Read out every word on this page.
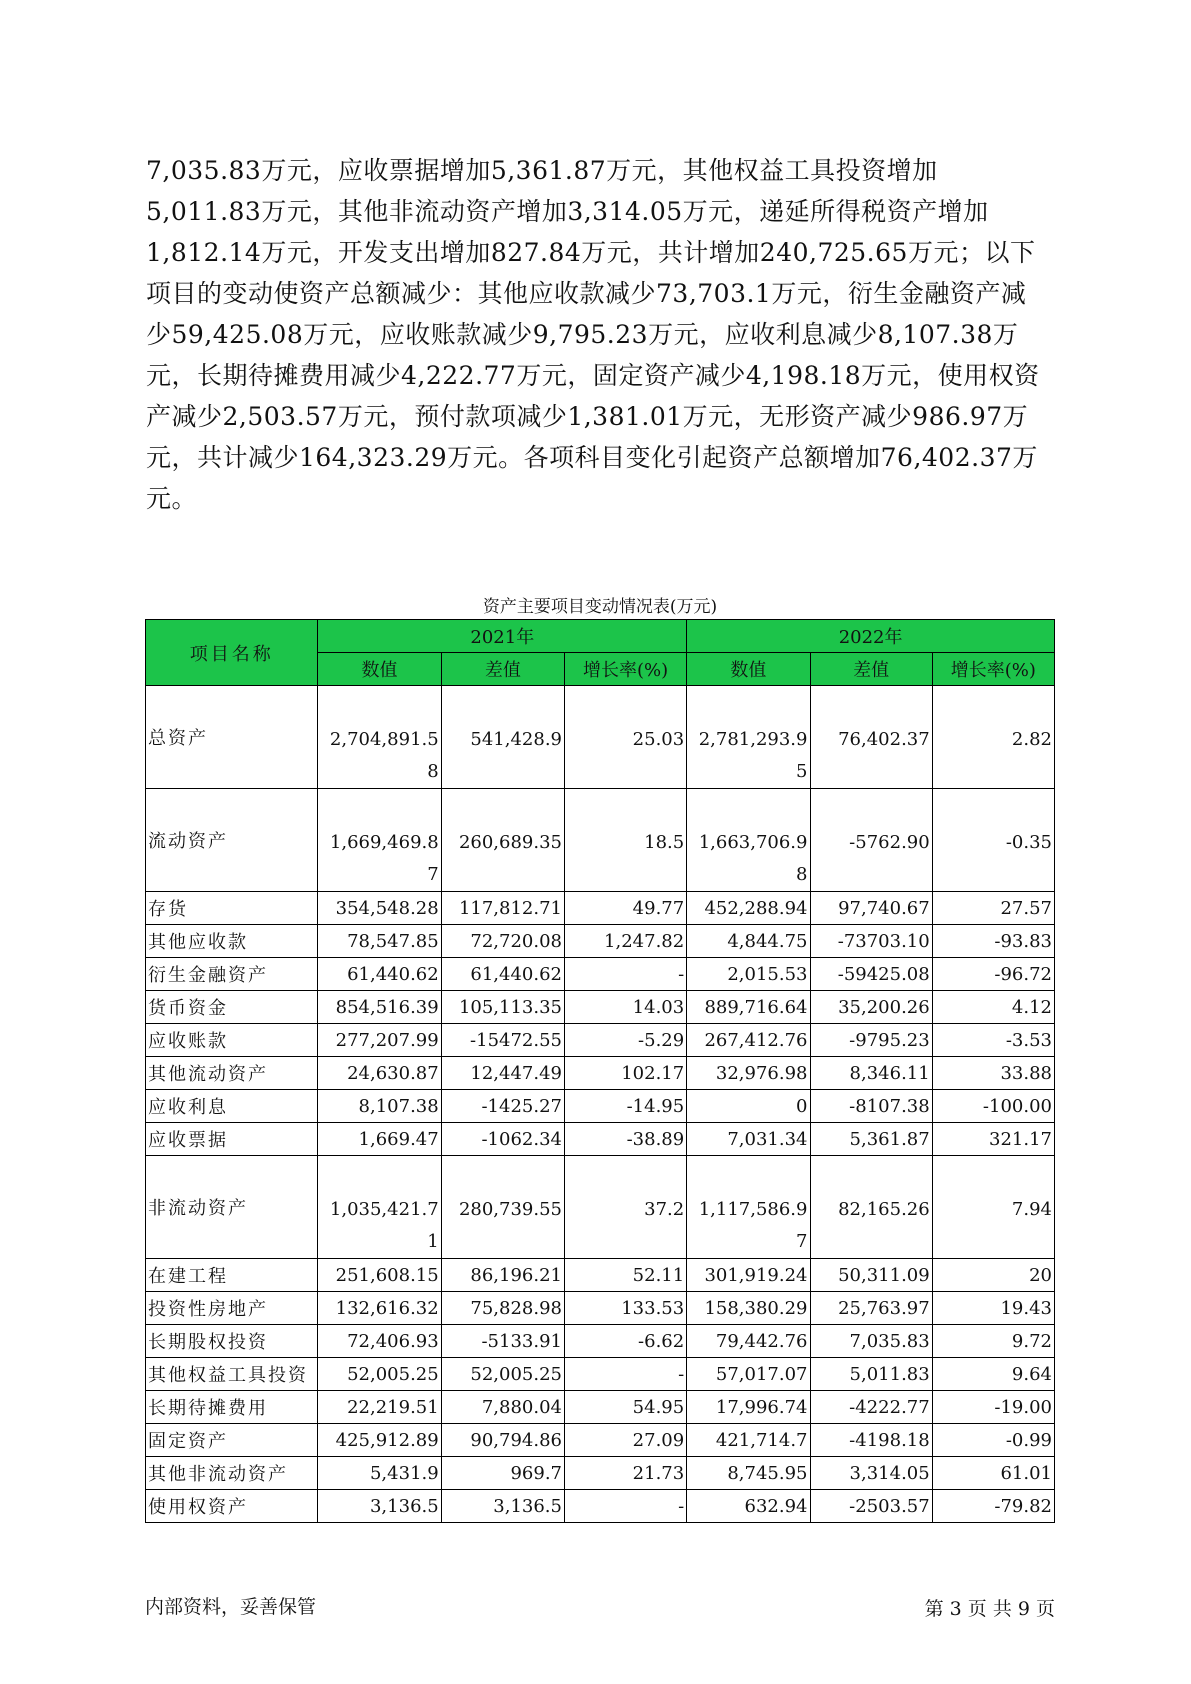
7,035.83万元，应收票据增加5,361.87万元，其他权益工具投资增加5,011.83万元，其他非流动资产增加3,314.05万元，递延所得税资产增加1,812.14万元，开发支出增加827.84万元，共计增加240,725.65万元；以下项目的变动使资产总额减少：其他应收款减少73,703.1万元，衍生金融资产减少59,425.08万元，应收账款减少9,795.23万元，应收利息减少8,107.38万元，长期待摊费用减少4,222.77万元，固定资产减少4,198.18万元，使用权资产减少2,503.57万元，预付款项减少1,381.01万元，无形资产减少986.97万元，共计减少164,323.29万元。各项科目变化引起资产总额增加76,402.37万元。

资产主要项目变动情况表(万元)
项目名称	2021年			2022年		
	数值	差值	增长率(%)	数值	差值	增长率(%)
总资产	2,704,891.58	541,428.9	25.03	2,781,293.95	76,402.37	2.82

流动资产	1,669,469.87	260,689.35	18.5	1,663,706.98	-5762.90	-0.35

存货	354,548.28	117,812.71	49.77	452,288.94	97,740.67	27.57
其他应收款	78,547.85	72,720.08	1,247.82	4,844.75	-73703.10	-93.83
衍生金融资产	61,440.62	61,440.62	-	2,015.53	-59425.08	-96.72
货币资金	854,516.39	105,113.35	14.03	889,716.64	35,200.26	4.12
应收账款	277,207.99	-15472.55	-5.29	267,412.76	-9795.23	-3.53
其他流动资产	24,630.87	12,447.49	102.17	32,976.98	8,346.11	33.88
应收利息	8,107.38	-1425.27	-14.95	0	-8107.38	-100.00
应收票据	1,669.47	-1062.34	-38.89	7,031.34	5,361.87	321.17
非流动资产	1,035,421.71	280,739.55	37.2	1,117,586.97	82,165.26	7.94

在建工程	251,608.15	86,196.21	52.11	301,919.24	50,311.09	20
投资性房地产	132,616.32	75,828.98	133.53	158,380.29	25,763.97	19.43
长期股权投资	72,406.93	-5133.91	-6.62	79,442.76	7,035.83	9.72
其他权益工具投资	52,005.25	52,005.25	-	57,017.07	5,011.83	9.64
长期待摊费用	22,219.51	7,880.04	54.95	17,996.74	-4222.77	-19.00
固定资产	425,912.89	90,794.86	27.09	421,714.7	-4198.18	-0.99
其他非流动资产	5,431.9	969.7	21.73	8,745.95	3,314.05	61.01
使用权资产	3,136.5	3,136.5	-	632.94	-2503.57	-79.82
内部资料，妥善保管	第 3 页 共 9 页
